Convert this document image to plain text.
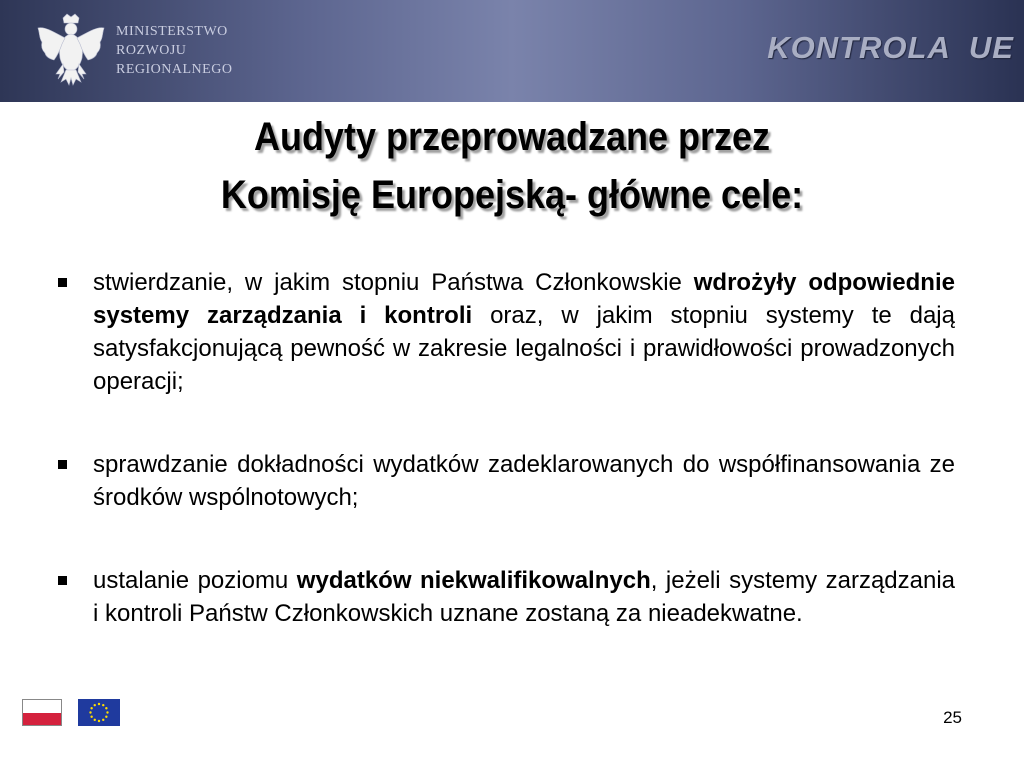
MINISTERSTWO
ROZWOJU
REGIONALNEGO
KONTROLA  UE
Audyty przeprowadzane przez
Komisję Europejską- główne cele:
stwierdzanie, w jakim stopniu Państwa Członkowskie wdrożyły odpowiednie systemy zarządzania i kontroli oraz, w jakim stopniu systemy te dają satysfakcjonującą pewność w zakresie legalności i prawidłowości prowadzonych operacji;
sprawdzanie dokładności wydatków zadeklarowanych do współfinansowania ze środków wspólnotowych;
ustalanie poziomu wydatków niekwalifikowalnych, jeżeli systemy zarządzania i kontroli Państw Członkowskich uznane zostaną za nieadekwatne.
25
